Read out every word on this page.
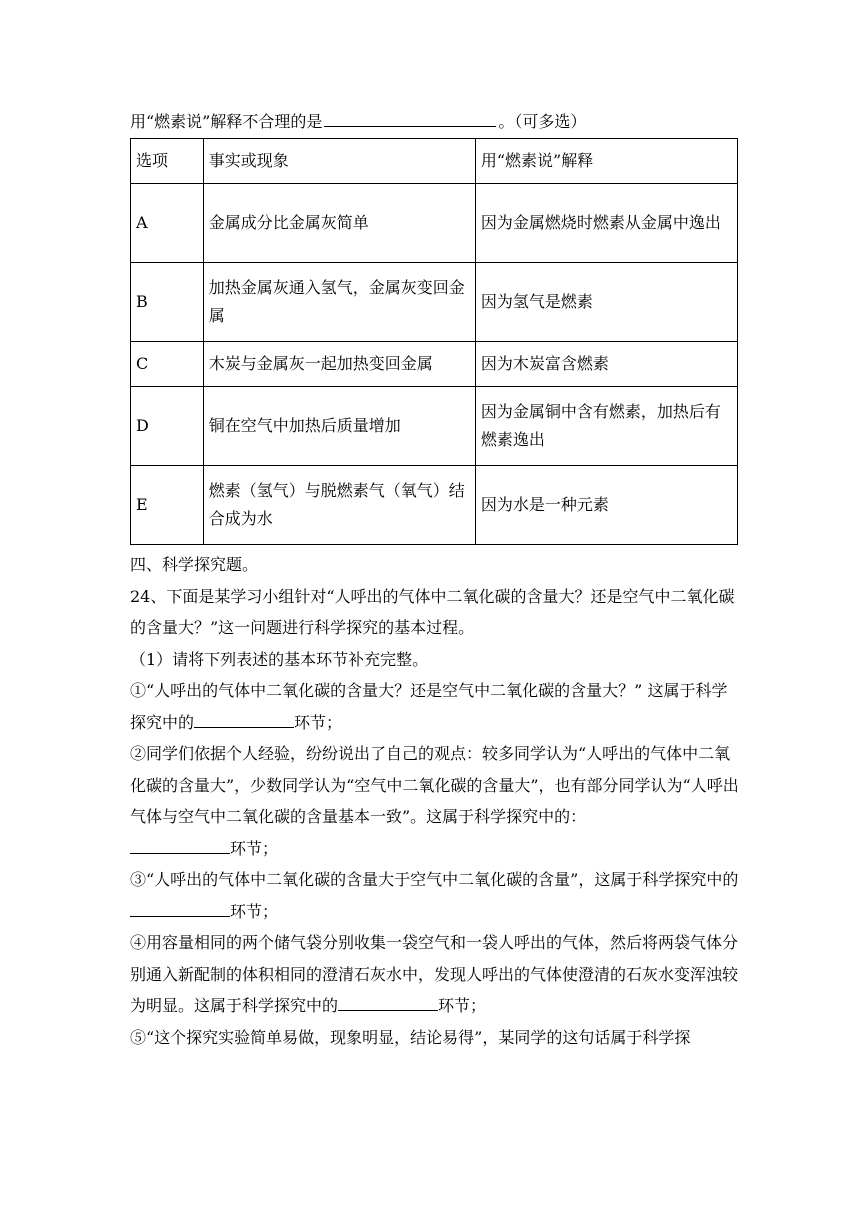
用“燃素说”解释不合理的是	。（可多选）
选项	事实或现象	用“燃素说”解释
A	金属成分比金属灰简单	因为金属燃烧时燃素从金属中逸出
B	加热金属灰通入氢气，金属灰变回金属	因为氢气是燃素
C	木炭与金属灰一起加热变回金属	因为木炭富含燃素
D	铜在空气中加热后质量增加	因为金属铜中含有燃素，加热后有燃素逸出
E	燃素（氢气）与脱燃素气（氧气）结合成为水	因为水是一种元素
四、科学探究题。
24、下面是某学习小组针对“人呼出的气体中二氧化碳的含量大？还是空气中二氧化碳的含量大？”这一问题进行科学探究的基本过程。
（1）请将下列表述的基本环节补充完整。
①“人呼出的气体中二氧化碳的含量大？还是空气中二氧化碳的含量大？” 这属于科学探究中的	环节；
②同学们依据个人经验，纷纷说出了自己的观点：较多同学认为“人呼出的气体中二氧化碳的含量大”，少数同学认为“空气中二氧化碳的含量大”，也有部分同学认为“人呼出气体与空气中二氧化碳的含量基本一致”。这属于科学探究中的：
环节；
③“人呼出的气体中二氧化碳的含量大于空气中二氧化碳的含量”，这属于科学探究中的环节；
④用容量相同的两个储气袋分别收集一袋空气和一袋人呼出的气体，然后将两袋气体分别通入新配制的体积相同的澄清石灰水中，发现人呼出的气体使澄清的石灰水变浑浊较为明显。这属于科学探究中的	环节；
⑤“这个探究实验简单易做，现象明显，结论易得”，某同学的这句话属于科学探
